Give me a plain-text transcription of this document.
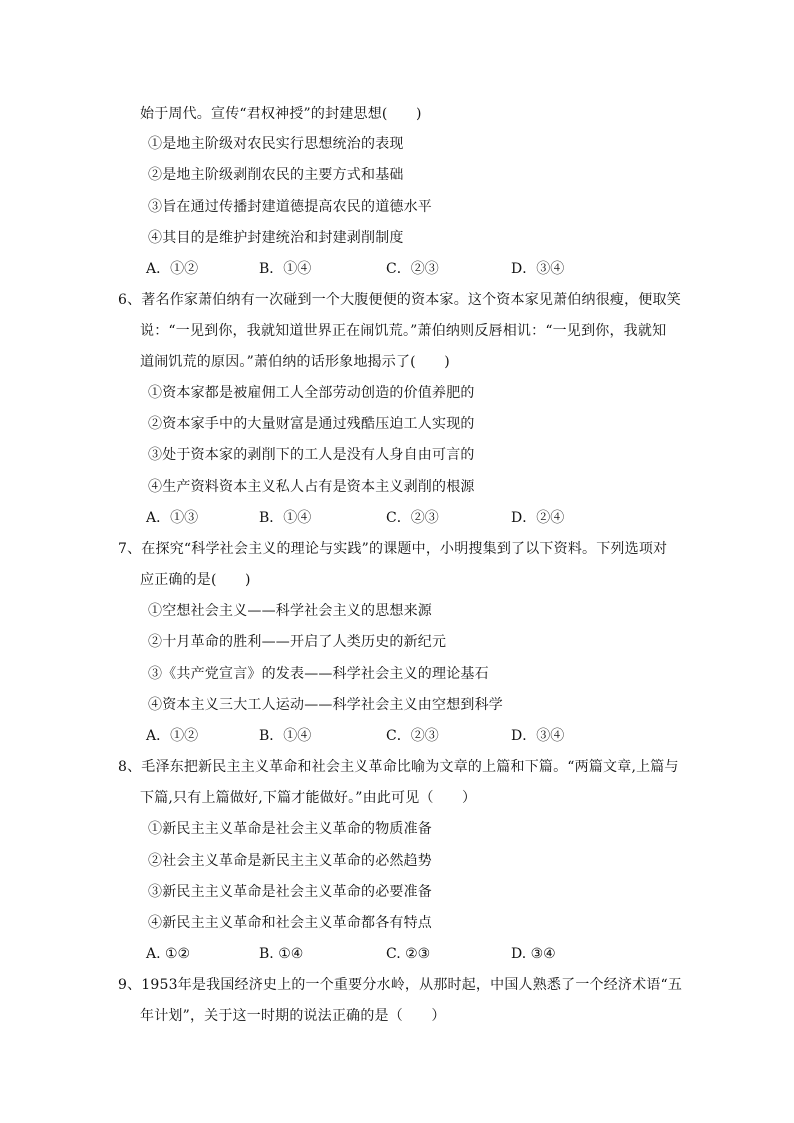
始于周代。宣传“君权神授”的封建思想(　　)
①是地主阶级对农民实行思想统治的表现
②是地主阶级剥削农民的主要方式和基础
③旨在通过传播封建道德提高农民的道德水平
④其目的是维护封建统治和封建剥削制度
A．①②	B．①④	C．②③	D．③④
6、著名作家萧伯纳有一次碰到一个大腹便便的资本家。这个资本家见萧伯纳很瘦，便取笑
说：“一见到你，我就知道世界正在闹饥荒。”萧伯纳则反唇相讥：“一见到你，我就知
道闹饥荒的原因。”萧伯纳的话形象地揭示了(　　)
①资本家都是被雇佣工人全部劳动创造的价值养肥的
②资本家手中的大量财富是通过残酷压迫工人实现的
③处于资本家的剥削下的工人是没有人身自由可言的
④生产资料资本主义私人占有是资本主义剥削的根源
A．①③	B．①④	C．②③	D．②④
7、在探究“科学社会主义的理论与实践”的课题中，小明搜集到了以下资料。下列选项对
应正确的是(　　)
①空想社会主义——科学社会主义的思想来源
②十月革命的胜利——开启了人类历史的新纪元
③《共产党宣言》的发表——科学社会主义的理论基石
④资本主义三大工人运动——科学社会主义由空想到科学
A．①②	B．①④	C．②③	D．③④
8、毛泽东把新民主主义革命和社会主义革命比喻为文章的上篇和下篇。“两篇文章,上篇与
下篇,只有上篇做好,下篇才能做好。”由此可见（　　）
①新民主主义革命是社会主义革命的物质准备
②社会主义革命是新民主主义革命的必然趋势
③新民主主义革命是社会主义革命的必要准备
④新民主主义革命和社会主义革命都各有特点
A. ①②	B. ①④	C. ②③	D. ③④
9、1953年是我国经济史上的一个重要分水岭，从那时起，中国人熟悉了一个经济术语“五
年计划”，关于这一时期的说法正确的是（　　）
